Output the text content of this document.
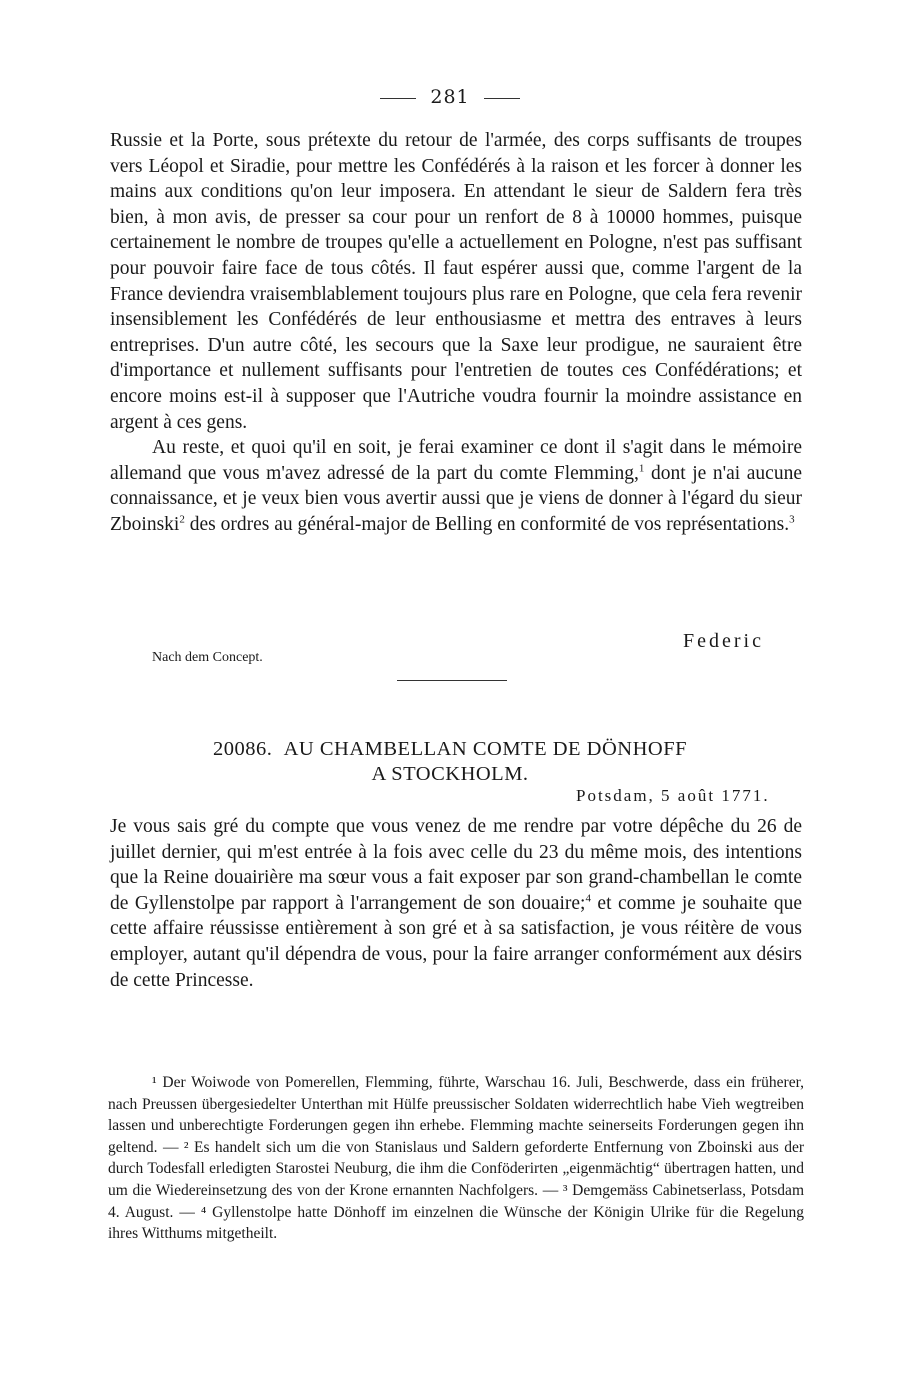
281

Russie et la Porte, sous prétexte du retour de l'armée, des corps suffisants de troupes vers Léopol et Siradie, pour mettre les Confédérés à la raison et les forcer à donner les mains aux conditions qu'on leur imposera. En attendant le sieur de Saldern fera très bien, à mon avis, de presser sa cour pour un renfort de 8 à 10000 hommes, puisque certainement le nombre de troupes qu'elle a actuellement en Pologne, n'est pas suffisant pour pouvoir faire face de tous côtés. Il faut espérer aussi que, comme l'argent de la France deviendra vraisemblablement toujours plus rare en Pologne, que cela fera revenir insensiblement les Confédérés de leur enthousiasme et mettra des entraves à leurs entreprises. D'un autre côté, les secours que la Saxe leur prodigue, ne sauraient être d'importance et nullement suffisants pour l'entretien de toutes ces Confédérations; et encore moins est-il à supposer que l'Autriche voudra fournir la moindre assistance en argent à ces gens.

Au reste, et quoi qu'il en soit, je ferai examiner ce dont il s'agit dans le mémoire allemand que vous m'avez adressé de la part du comte Flemming,$^1$ dont je n'ai aucune connaissance, et je veux bien vous avertir aussi que je viens de donner à l'égard du sieur Zboinski$^2$ des ordres au général-major de Belling en conformité de vos représentations.$^3$

Federic
Nach dem Concept.
20086. AU CHAMBELLAN COMTE DE DÖNHOFF
A STOCKHOLM.
Potsdam, 5 août 1771.

Je vous sais gré du compte que vous venez de me rendre par votre dépêche du 26 de juillet dernier, qui m'est entrée à la fois avec celle du 23 du même mois, des intentions que la Reine douairière ma sœur vous a fait exposer par son grand-chambellan le comte de Gyllenstolpe par rapport à l'arrangement de son douaire;$^4$ et comme je souhaite que cette affaire réussisse entièrement à son gré et à sa satisfaction, je vous réitère de vous employer, autant qu'il dépendra de vous, pour la faire arranger conformément aux désirs de cette Princesse.

¹ Der Woiwode von Pomerellen, Flemming, führte, Warschau 16. Juli, Beschwerde, dass ein früherer, nach Preussen übergesiedelter Unterthan mit Hülfe preussischer Soldaten widerrechtlich habe Vieh wegtreiben lassen und unberechtigte Forderungen gegen ihn erhebe. Flemming machte seinerseits Forderungen gegen ihn geltend. — ² Es handelt sich um die von Stanislaus und Saldern geforderte Entfernung von Zboinski aus der durch Todesfall erledigten Starostei Neuburg, die ihm die Conföderirten „eigenmächtig“ übertragen hatten, und um die Wiedereinsetzung des von der Krone ernannten Nachfolgers. — ³ Demgemäss Cabinetserlass, Potsdam 4. August. — ⁴ Gyllenstolpe hatte Dönhoff im einzelnen die Wünsche der Königin Ulrike für die Regelung ihres Witthums mitgetheilt.
